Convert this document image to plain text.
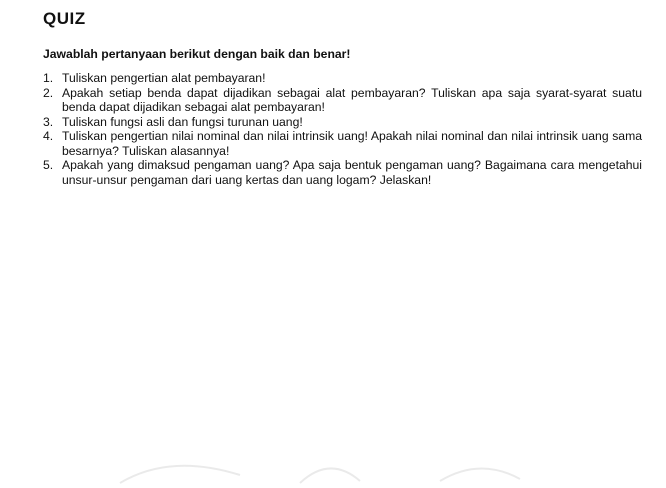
QUIZ

Jawablah pertanyaan berikut dengan baik dan benar!

1. Tuliskan pengertian alat pembayaran!
2. Apakah setiap benda dapat dijadikan sebagai alat pembayaran? Tuliskan apa saja syarat-syarat suatu benda dapat dijadikan sebagai alat pembayaran!
3. Tuliskan fungsi asli dan fungsi turunan uang!
4. Tuliskan pengertian nilai nominal dan nilai intrinsik uang! Apakah nilai nominal dan nilai intrinsik uang sama besarnya? Tuliskan alasannya!
5. Apakah yang dimaksud pengaman uang? Apa saja bentuk pengaman uang? Bagaimana cara mengetahui unsur-unsur pengaman dari uang kertas dan uang logam? Jelaskan!
